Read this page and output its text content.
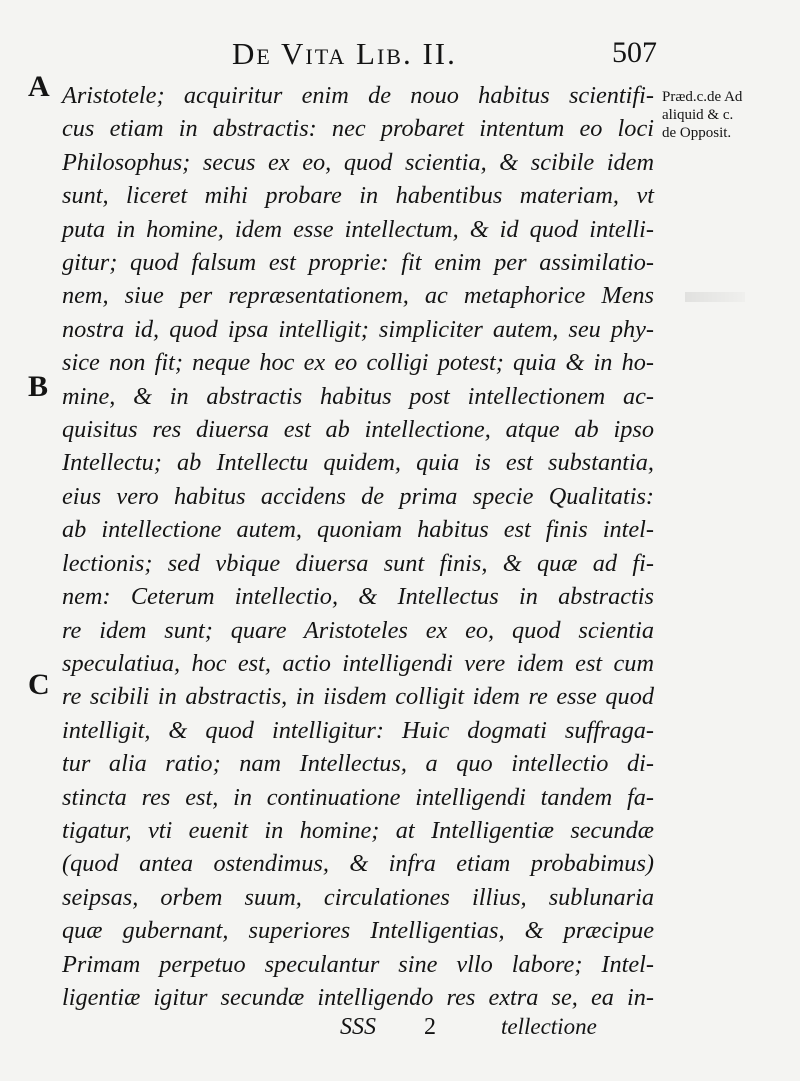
De Vita Lib. II.	507
Præd.c.de Ad
aliquid & c.
de Opposit.
A
B
C
Aristotele; acquiritur enim de nouo habitus scientifi-
cus etiam in abstractis: nec probaret intentum eo loci
Philosophus; secus ex eo, quod scientia, & scibile idem
sunt, liceret mihi probare in habentibus materiam, vt
puta in homine, idem esse intellectum, & id quod intelli-
gitur; quod falsum est proprie: fit enim per assimilatio-
nem, siue per repræsentationem, ac metaphorice Mens
nostra id, quod ipsa intelligit; simpliciter autem, seu phy-
sice non fit; neque hoc ex eo colligi potest; quia & in ho-
mine, & in abstractis habitus post intellectionem ac-
quisitus res diuersa est ab intellectione, atque ab ipso
Intellectu; ab Intellectu quidem, quia is est substantia,
eius vero habitus accidens de prima specie Qualitatis:
ab intellectione autem, quoniam habitus est finis intel-
lectionis; sed vbique diuersa sunt finis, & quæ ad fi-
nem: Ceterum intellectio, & Intellectus in abstractis
re idem sunt; quare Aristoteles ex eo, quod scientia
speculatiua, hoc est, actio intelligendi vere idem est cum
re scibili in abstractis, in iisdem colligit idem re esse quod
intelligit, & quod intelligitur: Huic dogmati suffraga-
tur alia ratio; nam Intellectus, a quo intellectio di-
stincta res est, in continuatione intelligendi tandem fa-
tigatur, vti euenit in homine; at Intelligentiæ secundæ
(quod antea ostendimus, & infra etiam probabimus)
seipsas, orbem suum, circulationes illius, sublunaria
quæ gubernant, superiores Intelligentias, & præcipue
Primam perpetuo speculantur sine vllo labore; Intel-
ligentiæ igitur secundæ intelligendo res extra se, ea in-
SSS 2	tellectione
